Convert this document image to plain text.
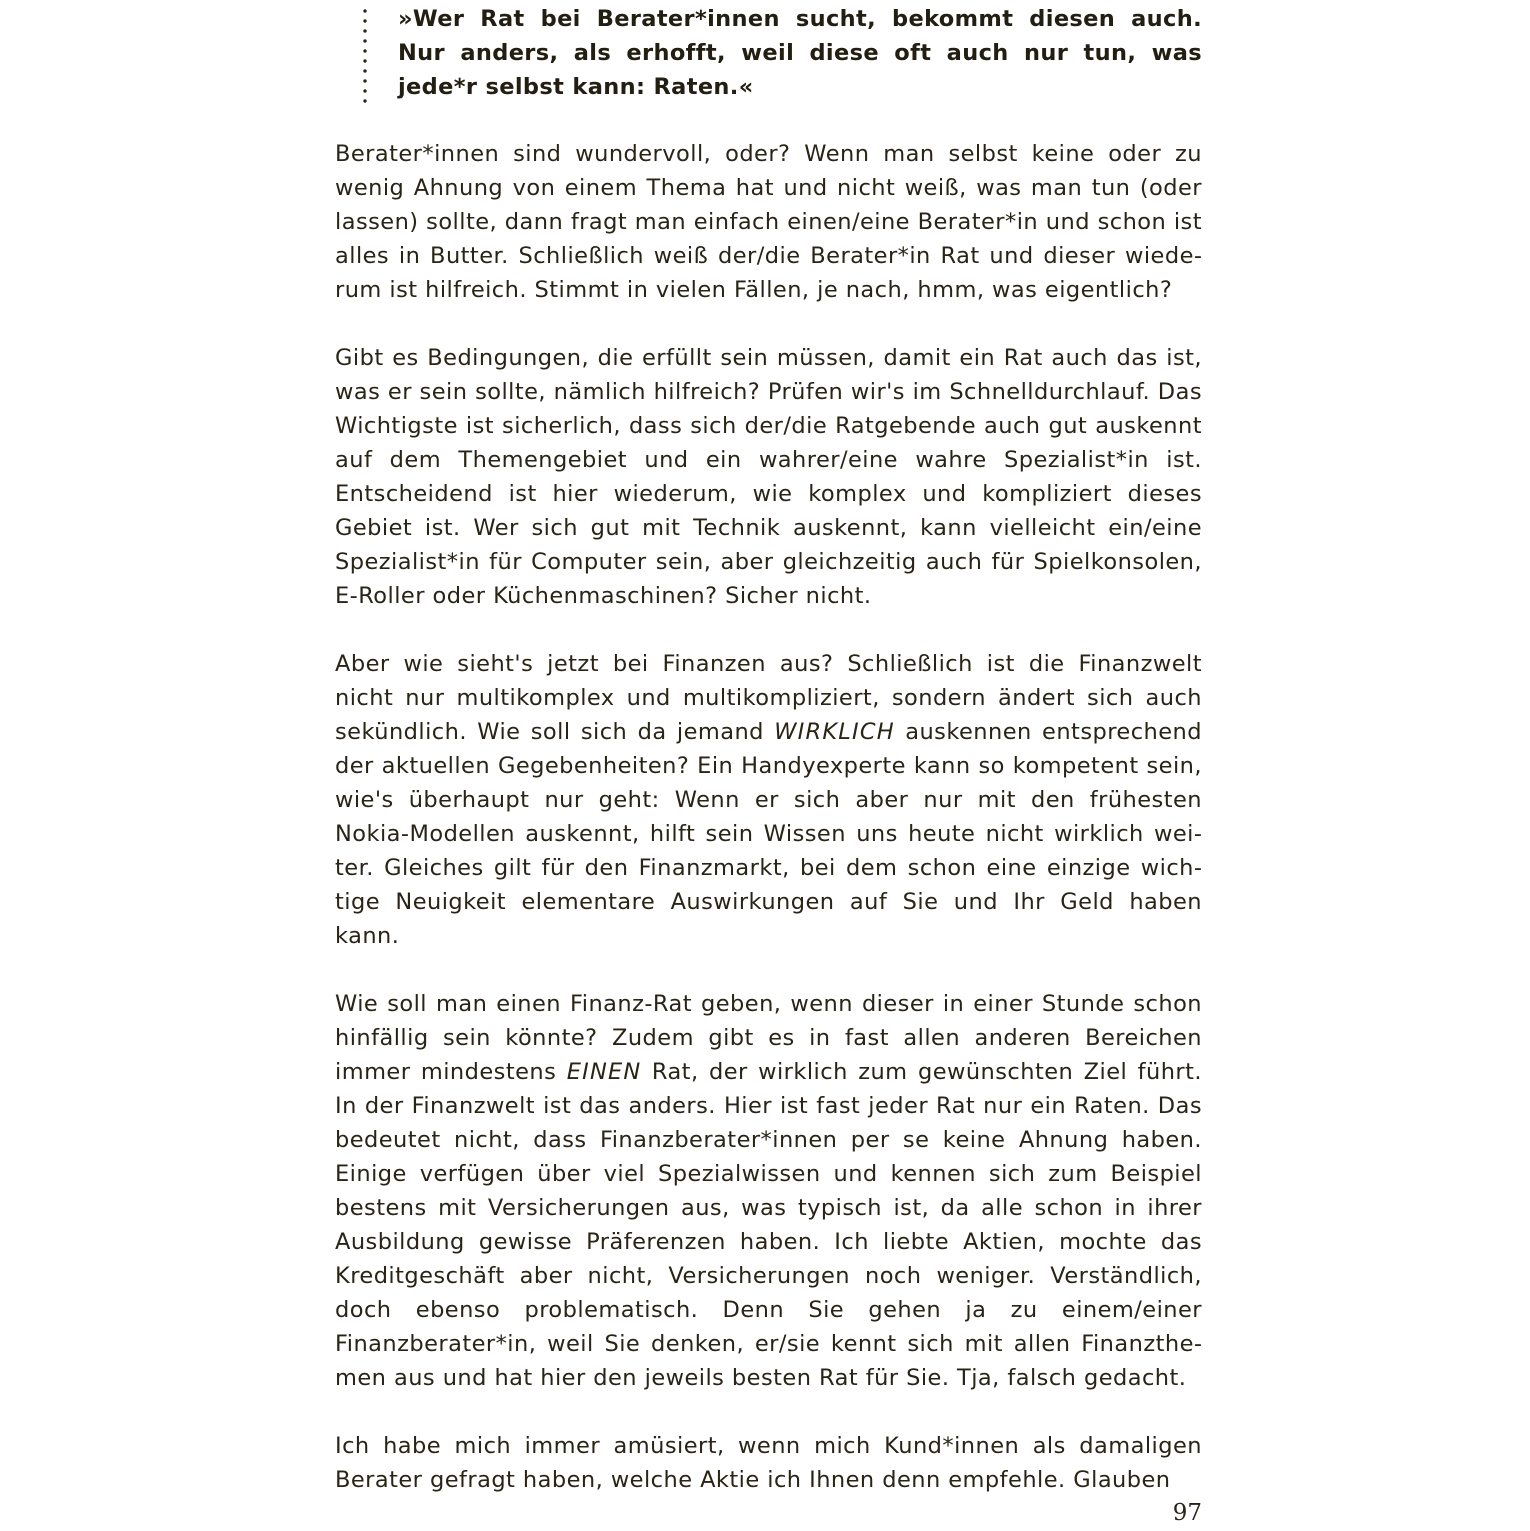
»Wer Rat bei Berater*innen sucht, bekommt diesen auch. Nur anders, als erhofft, weil diese oft auch nur tun, was jede*r selbst kann: Raten.«

Berater*innen sind wundervoll, oder? Wenn man selbst keine oder zu wenig Ahnung von einem Thema hat und nicht weiß, was man tun (oder lassen) sollte, dann fragt man einfach einen/eine Berater*in und schon ist alles in Butter. Schließlich weiß der/die Berater*in Rat und dieser wiederum ist hilfreich. Stimmt in vielen Fällen, je nach, hmm, was eigentlich?

Gibt es Bedingungen, die erfüllt sein müssen, damit ein Rat auch das ist, was er sein sollte, nämlich hilfreich? Prüfen wir's im Schnelldurchlauf. Das Wichtigste ist sicherlich, dass sich der/die Ratgebende auch gut auskennt auf dem Themengebiet und ein wahrer/eine wahre Spezialist*in ist. Entscheidend ist hier wiederum, wie komplex und kompliziert dieses Gebiet ist. Wer sich gut mit Technik auskennt, kann vielleicht ein/eine Spezialist*in für Computer sein, aber gleichzeitig auch für Spielkonsolen, E-Roller oder Küchenmaschinen? Sicher nicht.

Aber wie sieht's jetzt bei Finanzen aus? Schließlich ist die Finanzwelt nicht nur multikomplex und multikompliziert, sondern ändert sich auch sekündlich. Wie soll sich da jemand WIRKLICH auskennen entsprechend der aktuellen Gegebenheiten? Ein Handyexperte kann so kompetent sein, wie's überhaupt nur geht: Wenn er sich aber nur mit den frühesten Nokia-Modellen auskennt, hilft sein Wissen uns heute nicht wirklich weiter. Gleiches gilt für den Finanzmarkt, bei dem schon eine einzige wichtige Neuigkeit elementare Auswirkungen auf Sie und Ihr Geld haben kann.

Wie soll man einen Finanz-Rat geben, wenn dieser in einer Stunde schon hinfällig sein könnte? Zudem gibt es in fast allen anderen Bereichen immer mindestens EINEN Rat, der wirklich zum gewünschten Ziel führt. In der Finanzwelt ist das anders. Hier ist fast jeder Rat nur ein Raten. Das bedeutet nicht, dass Finanzberater*innen per se keine Ahnung haben. Einige verfügen über viel Spezialwissen und kennen sich zum Beispiel bestens mit Versicherungen aus, was typisch ist, da alle schon in ihrer Ausbildung gewisse Präferenzen haben. Ich liebte Aktien, mochte das Kreditgeschäft aber nicht, Versicherungen noch weniger. Verständlich, doch ebenso problematisch. Denn Sie gehen ja zu einem/einer Finanzberater*in, weil Sie denken, er/sie kennt sich mit allen Finanzthemen aus und hat hier den jeweils besten Rat für Sie. Tja, falsch gedacht.

Ich habe mich immer amüsiert, wenn mich Kund*innen als damaligen Berater gefragt haben, welche Aktie ich Ihnen denn empfehle. Glauben

97
